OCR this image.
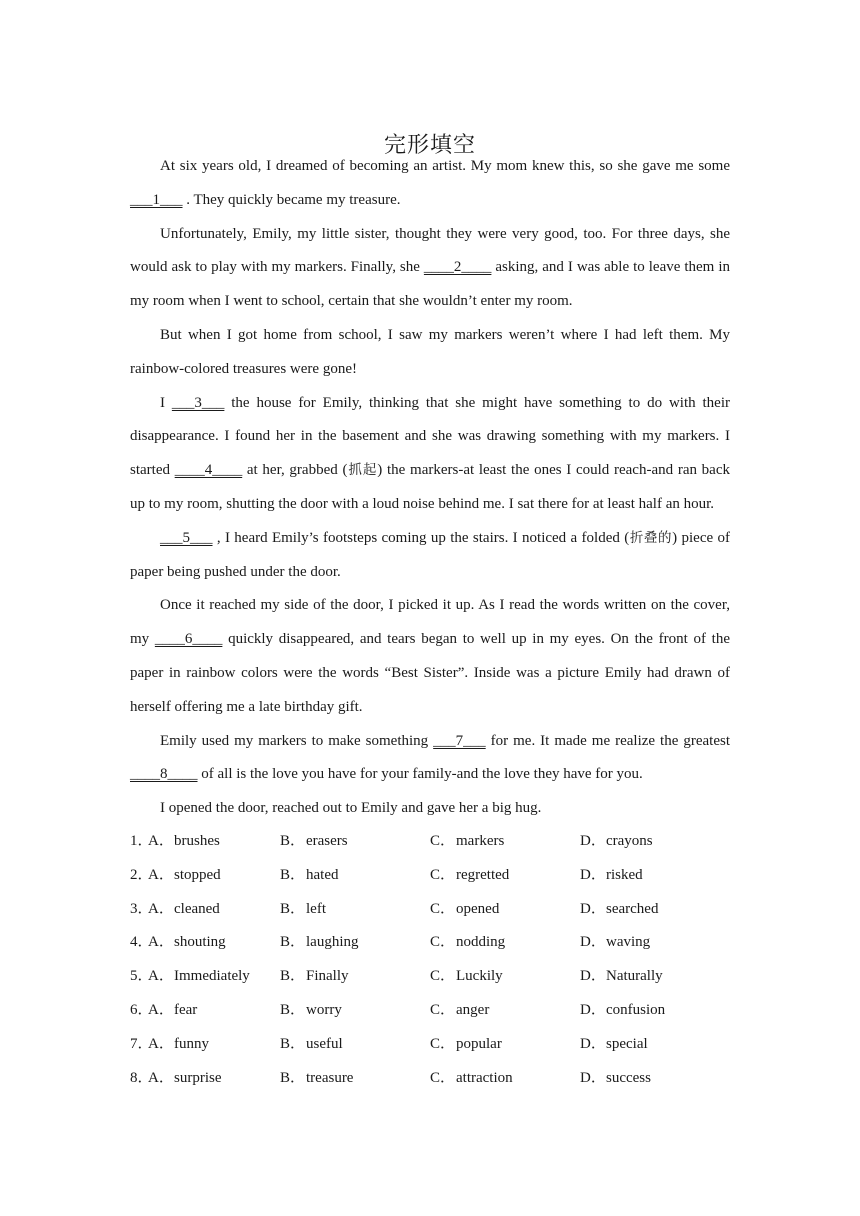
完形填空

At six years old, I dreamed of becoming an artist. My mom knew this, so she gave me some ___1___ . They quickly became my treasure.

Unfortunately, Emily, my little sister, thought they were very good, too. For three days, she would ask to play with my markers. Finally, she ____2____ asking, and I was able to leave them in my room when I went to school, certain that she wouldn’t enter my room.

But when I got home from school, I saw my markers weren’t where I had left them. My rainbow-colored treasures were gone!

I ___3___ the house for Emily, thinking that she might have something to do with their disappearance. I found her in the basement and she was drawing something with my markers. I started ____4____ at her, grabbed (抓起) the markers-at least the ones I could reach-and ran back up to my room, shutting the door with a loud noise behind me. I sat there for at least half an hour.

___5___ , I heard Emily’s footsteps coming up the stairs. I noticed a folded (折叠的) piece of paper being pushed under the door.

Once it reached my side of the door, I picked it up. As I read the words written on the cover, my ____6____ quickly disappeared, and tears began to well up in my eyes. On the front of the paper in rainbow colors were the words “Best Sister”. Inside was a picture Emily had drawn of herself offering me a late birthday gift.

Emily used my markers to make something ___7___ for me. It made me realize the greatest ____8____ of all is the love you have for your family-and the love they have for you.

I opened the door, reached out to Emily and gave her a big hug.

1．
A．brushes	B．erasers	C．markers	D．crayons
2．
A．stopped	B．hated	C．regretted	D．risked
3．
A．cleaned	B．left	C．opened	D．searched
4．
A．shouting	B．laughing	C．nodding	D．waving
5．
A．Immediately B．Finally	C．Luckily	D．Naturally
6．
A．fear	B．worry	C．anger	D．confusion
7．
A．funny	B．useful	C．popular	D．special
8．
A．surprise	B．treasure	C．attraction	D．success
